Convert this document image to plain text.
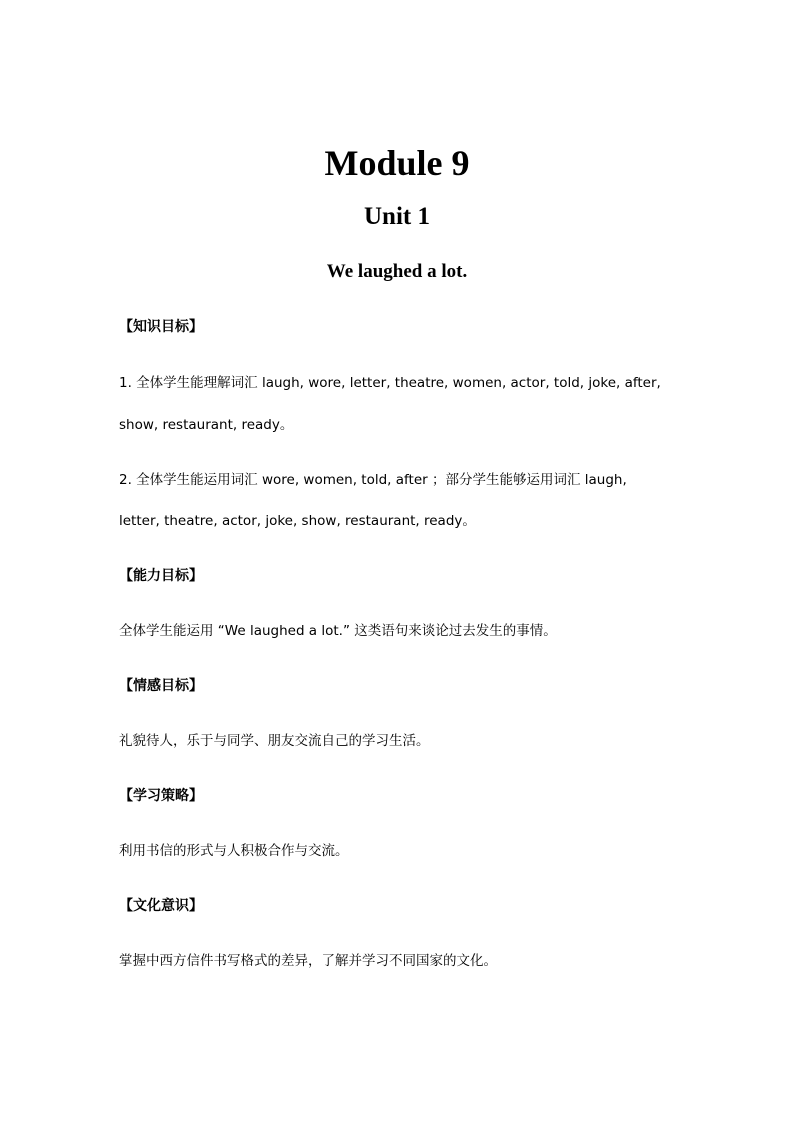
Module 9
Unit 1
We laughed a lot.
【知识目标】
1. 全体学生能理解词汇 laugh, wore, letter, theatre, women, actor, told, joke, after,
show, restaurant, ready。
2. 全体学生能运用词汇 wore, women, told, after ；部分学生能够运用词汇 laugh,
letter, theatre, actor, joke, show, restaurant, ready。
【能力目标】
全体学生能运用 “We laughed a lot.” 这类语句来谈论过去发生的事情。
【情感目标】
礼貌待人，乐于与同学、朋友交流自己的学习生活。
【学习策略】
利用书信的形式与人积极合作与交流。
【文化意识】
掌握中西方信件书写格式的差异，了解并学习不同国家的文化。
